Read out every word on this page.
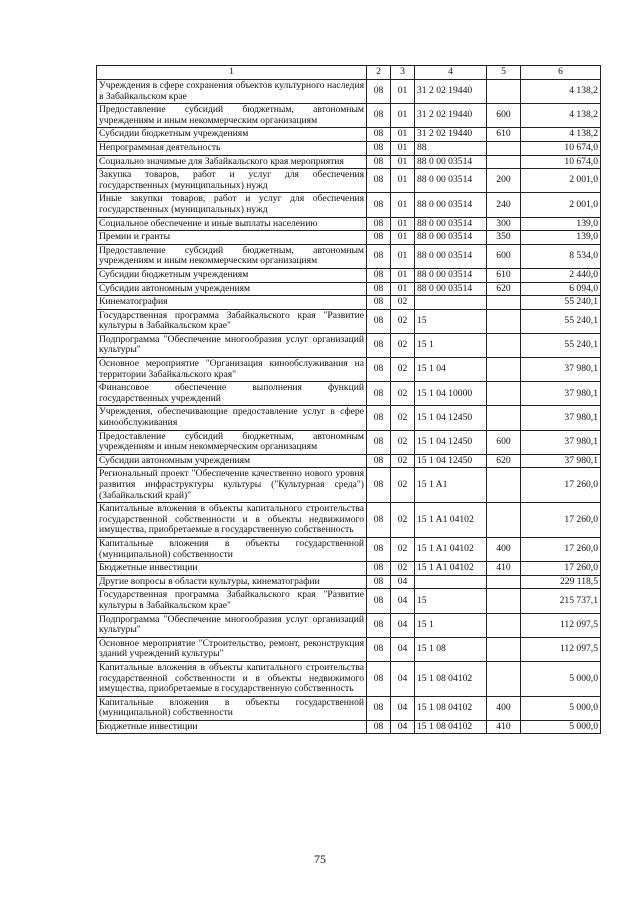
1	2	3	4	5	6
Учреждения в сфере сохранения объектов культурного наследия в Забайкальском крае	08	01	31 2 02 19440		4 138,2
Предоставление субсидий бюджетным, автономным учреждениям и иным некоммерческим организациям	08	01	31 2 02 19440	600	4 138,2
Субсидии бюджетным учреждениям	08	01	31 2 02 19440	610	4 138,2
Непрограммная деятельность	08	01	88		10 674,0
Социально значимые для Забайкальского края мероприятия	08	01	88 0 00 03514		10 674,0
Закупка товаров, работ и услуг для обеспечения государственных (муниципальных) нужд	08	01	88 0 00 03514	200	2 001,0
Иные закупки товаров, работ и услуг для обеспечения государственных (муниципальных) нужд	08	01	88 0 00 03514	240	2 001,0
Социальное обеспечение и иные выплаты населению	08	01	88 0 00 03514	300	139,0
Премии и гранты	08	01	88 0 00 03514	350	139,0
Предоставление субсидий бюджетным, автономным учреждениям и иным некоммерческим организациям	08	01	88 0 00 03514	600	8 534,0
Субсидии бюджетным учреждениям	08	01	88 0 00 03514	610	2 440,0
Субсидии автономным учреждениям	08	01	88 0 00 03514	620	6 094,0
Кинематография	08	02			55 240,1
Государственная программа Забайкальского края "Развитие культуры в Забайкальском крае"	08	02	15		55 240,1
Подпрограмма "Обеспечение многообразия услуг организаций культуры"	08	02	15 1		55 240,1
Основное мероприятие "Организация кинообслуживания на территории Забайкальского края"	08	02	15 1 04		37 980,1
Финансовое обеспечение выполнения функций государственных учреждений	08	02	15 1 04 10000		37 980,1
Учреждения, обеспечивающие предоставление услуг в сфере кинообслуживания	08	02	15 1 04 12450		37 980,1
Предоставление субсидий бюджетным, автономным учреждениям и иным некоммерческим организациям	08	02	15 1 04 12450	600	37 980,1
Субсидии автономным учреждениям	08	02	15 1 04 12450	620	37 980,1
Региональный проект "Обеспечение качественно нового уровня развития инфраструктуры культуры ("Культурная среда") (Забайкальский край)"	08	02	15 1 A1		17 260,0
Капитальные вложения в объекты капитального строительства государственной собственности и в объекты недвижимого имущества, приобретаемые в государственную собственность	08	02	15 1 A1 04102		17 260,0
Капитальные вложения в объекты государственной (муниципальной) собственности	08	02	15 1 A1 04102	400	17 260,0
Бюджетные инвестиции	08	02	15 1 A1 04102	410	17 260,0
Другие вопросы в области культуры, кинематографии	08	04			229 118,5
Государственная программа Забайкальского края "Развитие культуры в Забайкальском крае"	08	04	15		215 737,1
Подпрограмма "Обеспечение многообразия услуг организаций культуры"	08	04	15 1		112 097,5
Основное мероприятие "Строительство, ремонт, реконструкция зданий учреждений культуры"	08	04	15 1 08		112 097,5
Капитальные вложения в объекты капитального строительства государственной собственности и в объекты недвижимого имущества, приобретаемые в государственную собственность	08	04	15 1 08 04102		5 000,0
Капитальные вложения в объекты государственной (муниципальной) собственности	08	04	15 1 08 04102	400	5 000,0
Бюджетные инвестиции	08	04	15 1 08 04102	410	5 000,0
75
